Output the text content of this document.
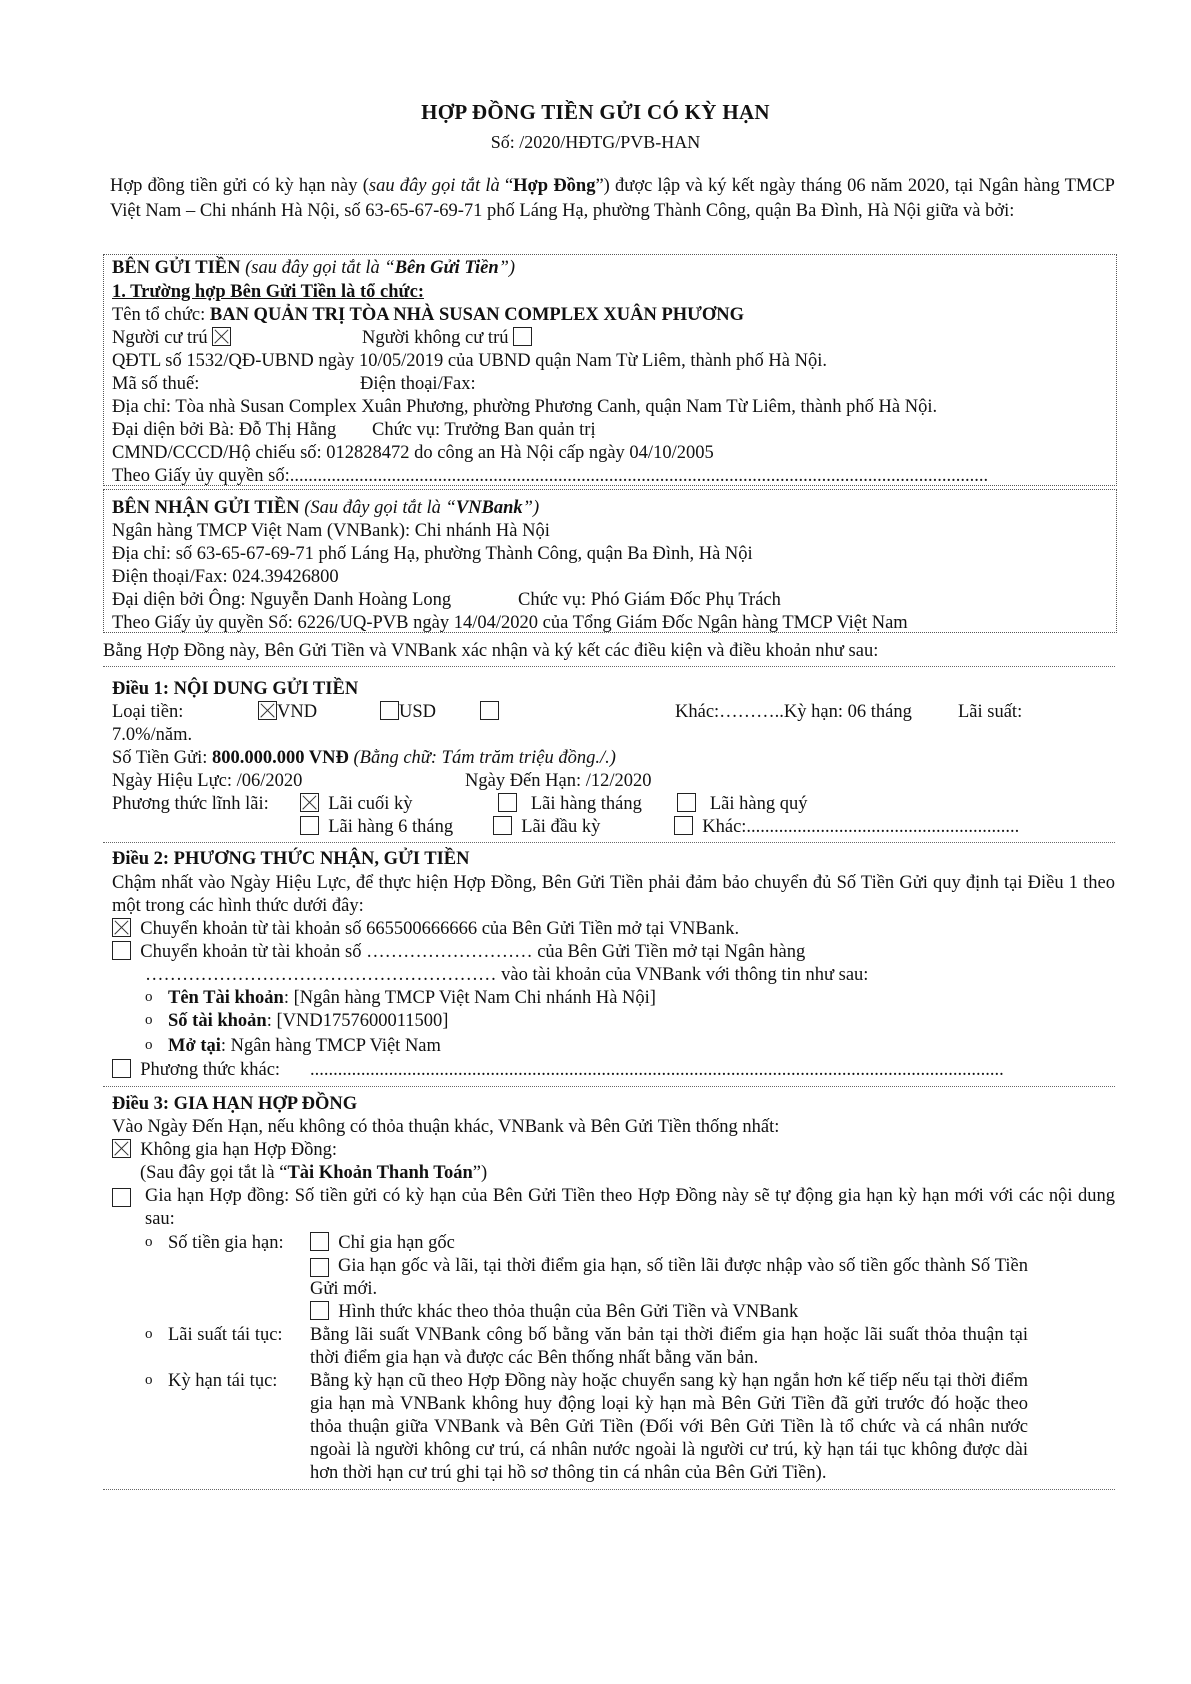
HỢP ĐỒNG TIỀN GỬI CÓ KỲ HẠN
Số: /2020/HĐTG/PVB-HAN
Hợp đồng tiền gửi có kỳ hạn này (sau đây gọi tắt là “Hợp Đồng”) được lập và ký kết ngày tháng 06 năm 2020, tại Ngân hàng TMCP Việt Nam – Chi nhánh Hà Nội, số 63-65-67-69-71 phố Láng Hạ, phường Thành Công, quận Ba Đình, Hà Nội giữa và bởi:
BÊN GỬI TIỀN (sau đây gọi tắt là “Bên Gửi Tiền”)
1. Trường hợp Bên Gửi Tiền là tổ chức:
Tên tổ chức: BAN QUẢN TRỊ TÒA NHÀ SUSAN COMPLEX XUÂN PHƯƠNG
Người cư trú	Người không cư trú
QĐTL số 1532/QĐ-UBND ngày 10/05/2019 của UBND quận Nam Từ Liêm, thành phố Hà Nội.
Mã số thuế:	Điện thoại/Fax:
Địa chỉ: Tòa nhà Susan Complex Xuân Phương, phường Phương Canh, quận Nam Từ Liêm, thành phố Hà Nội.
Đại diện bởi Bà: Đỗ Thị Hằng Chức vụ: Trưởng Ban quản trị
CMND/CCCD/Hộ chiếu số: 012828472 do công an Hà Nội cấp ngày 04/10/2005
Theo Giấy ủy quyền số:.......................................................................................................................................................
BÊN NHẬN GỬI TIỀN (Sau đây gọi tắt là “VNBank”)
Ngân hàng TMCP Việt Nam (VNBank): Chi nhánh Hà Nội
Địa chỉ: số 63-65-67-69-71 phố Láng Hạ, phường Thành Công, quận Ba Đình, Hà Nội
Điện thoại/Fax: 024.39426800
Đại diện bởi Ông: Nguyễn Danh Hoàng Long	Chức vụ: Phó Giám Đốc Phụ Trách
Theo Giấy ủy quyền Số: 6226/UQ-PVB ngày 14/04/2020 của Tổng Giám Đốc Ngân hàng TMCP Việt Nam
Bằng Hợp Đồng này, Bên Gửi Tiền và VNBank xác nhận và ký kết các điều kiện và điều khoản như sau:
Điều 1: NỘI DUNG GỬI TIỀN
Loại tiền:	VND	USD	Khác:………..Kỳ hạn: 06 tháng Lãi suất:
7.0%/năm.
Số Tiền Gửi: 800.000.000 VNĐ (Bằng chữ: Tám trăm triệu đồng./.)
Ngày Hiệu Lực: /06/2020	Ngày Đến Hạn: /12/2020
Phương thức lĩnh lãi:	Lãi cuối kỳ	Lãi hàng tháng	Lãi hàng quý
Lãi hàng 6 tháng	Lãi đầu kỳ	Khác:...........................................................
Điều 2: PHƯƠNG THỨC NHẬN, GỬI TIỀN
Chậm nhất vào Ngày Hiệu Lực, để thực hiện Hợp Đồng, Bên Gửi Tiền phải đảm bảo chuyển đủ Số Tiền Gửi quy định tại Điều 1 theo một trong các hình thức dưới đây:
Chuyển khoản từ tài khoản số 665500666666 của Bên Gửi Tiền mở tại VNBank.
Chuyển khoản từ tài khoản số ……………………… của Bên Gửi Tiền mở tại Ngân hàng
………………………………………………… vào tài khoản của VNBank với thông tin như sau:
o Tên Tài khoản: [Ngân hàng TMCP Việt Nam Chi nhánh Hà Nội]
o Số tài khoản: [VND1757600011500]
o Mở tại: Ngân hàng TMCP Việt Nam
Phương thức khác: ......................................................................................................................................................
Điều 3: GIA HẠN HỢP ĐỒNG
Vào Ngày Đến Hạn, nếu không có thỏa thuận khác, VNBank và Bên Gửi Tiền thống nhất:
Không gia hạn Hợp Đồng:
(Sau đây gọi tắt là “Tài Khoản Thanh Toán”)
Gia hạn Hợp đồng: Số tiền gửi có kỳ hạn của Bên Gửi Tiền theo Hợp Đồng này sẽ tự động gia hạn kỳ hạn mới với các nội dung sau:
o Số tiền gia hạn:	Chỉ gia hạn gốc
Gia hạn gốc và lãi, tại thời điểm gia hạn, số tiền lãi được nhập vào số tiền gốc thành Số Tiền Gửi mới.
Hình thức khác theo thỏa thuận của Bên Gửi Tiền và VNBank
o Lãi suất tái tục: Bằng lãi suất VNBank công bố bằng văn bản tại thời điểm gia hạn hoặc lãi suất thỏa thuận tại thời điểm gia hạn và được các Bên thống nhất bằng văn bản.
o Kỳ hạn tái tục: Bằng kỳ hạn cũ theo Hợp Đồng này hoặc chuyển sang kỳ hạn ngắn hơn kế tiếp nếu tại thời điểm gia hạn mà VNBank không huy động loại kỳ hạn mà Bên Gửi Tiền đã gửi trước đó hoặc theo thỏa thuận giữa VNBank và Bên Gửi Tiền (Đối với Bên Gửi Tiền là tổ chức và cá nhân nước ngoài là người không cư trú, cá nhân nước ngoài là người cư trú, kỳ hạn tái tục không được dài hơn thời hạn cư trú ghi tại hồ sơ thông tin cá nhân của Bên Gửi Tiền).
